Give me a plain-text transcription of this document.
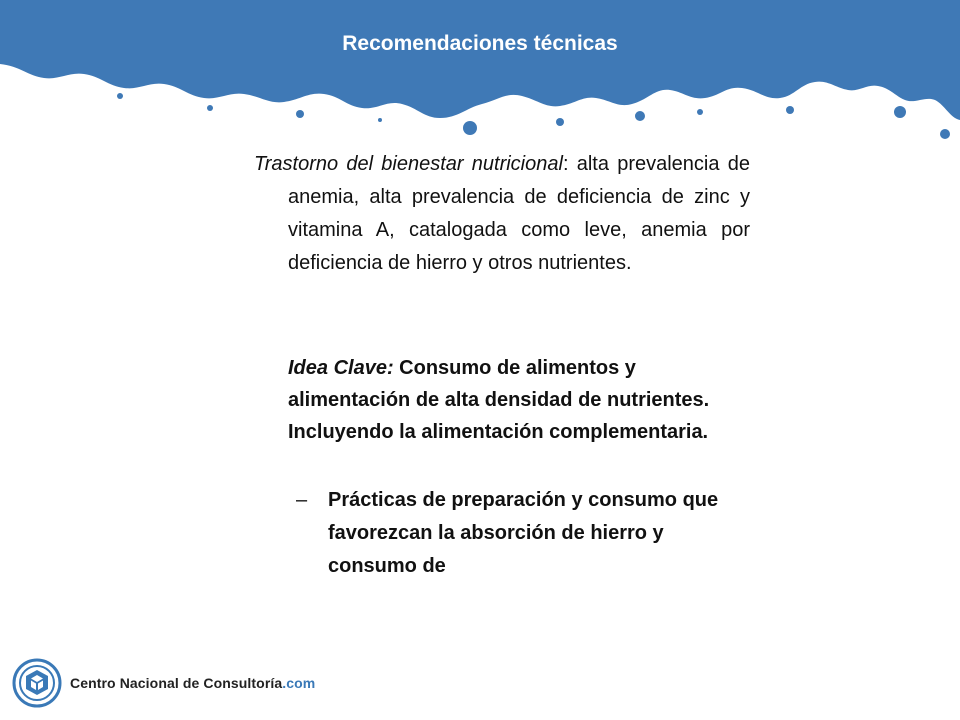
Recomendaciones técnicas
Trastorno del bienestar nutricional: alta prevalencia de anemia, alta prevalencia de deficiencia de zinc y vitamina A, catalogada como leve, anemia por deficiencia de hierro y otros nutrientes.
Idea Clave: Consumo de alimentos y alimentación de alta densidad de nutrientes. Incluyendo la alimentación complementaria.
–	Prácticas de preparación y consumo que favorezcan la absorción de hierro y consumo de
Centro Nacional de Consultoría.com
